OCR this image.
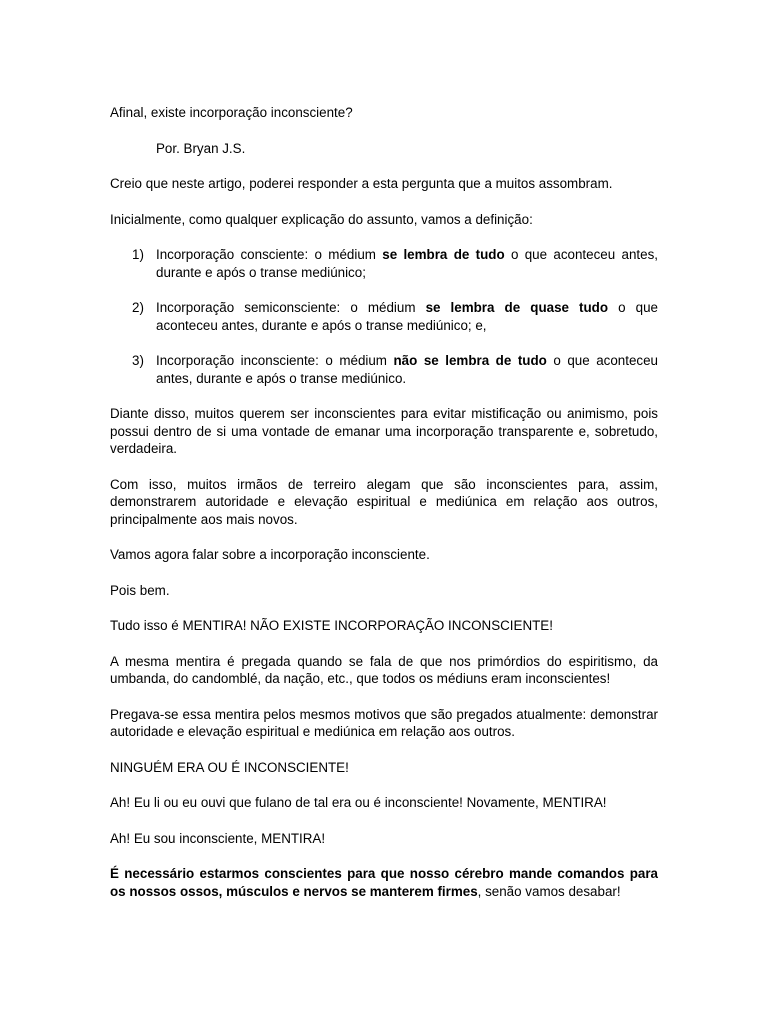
Afinal, existe incorporação inconsciente?

Por. Bryan J.S.

Creio que neste artigo, poderei responder a esta pergunta que a muitos assombram.

Inicialmente, como qualquer explicação do assunto, vamos a definição:

1) Incorporação consciente: o médium se lembra de tudo o que aconteceu antes, durante e após o transe mediúnico;
2) Incorporação semiconsciente: o médium se lembra de quase tudo o que aconteceu antes, durante e após o transe mediúnico; e,
3) Incorporação inconsciente: o médium não se lembra de tudo o que aconteceu antes, durante e após o transe mediúnico.

Diante disso, muitos querem ser inconscientes para evitar mistificação ou animismo, pois possui dentro de si uma vontade de emanar uma incorporação transparente e, sobretudo, verdadeira.

Com isso, muitos irmãos de terreiro alegam que são inconscientes para, assim, demonstrarem autoridade e elevação espiritual e mediúnica em relação aos outros, principalmente aos mais novos.

Vamos agora falar sobre a incorporação inconsciente.

Pois bem.

Tudo isso é MENTIRA! NÃO EXISTE INCORPORAÇÃO INCONSCIENTE!

A mesma mentira é pregada quando se fala de que nos primórdios do espiritismo, da umbanda, do candomblé, da nação, etc., que todos os médiuns eram inconscientes!

Pregava-se essa mentira pelos mesmos motivos que são pregados atualmente: demonstrar autoridade e elevação espiritual e mediúnica em relação aos outros.

NINGUÉM ERA OU É INCONSCIENTE!

Ah! Eu li ou eu ouvi que fulano de tal era ou é inconsciente! Novamente, MENTIRA!

Ah! Eu sou inconsciente, MENTIRA!

É necessário estarmos conscientes para que nosso cérebro mande comandos para os nossos ossos, músculos e nervos se manterem firmes, senão vamos desabar!
